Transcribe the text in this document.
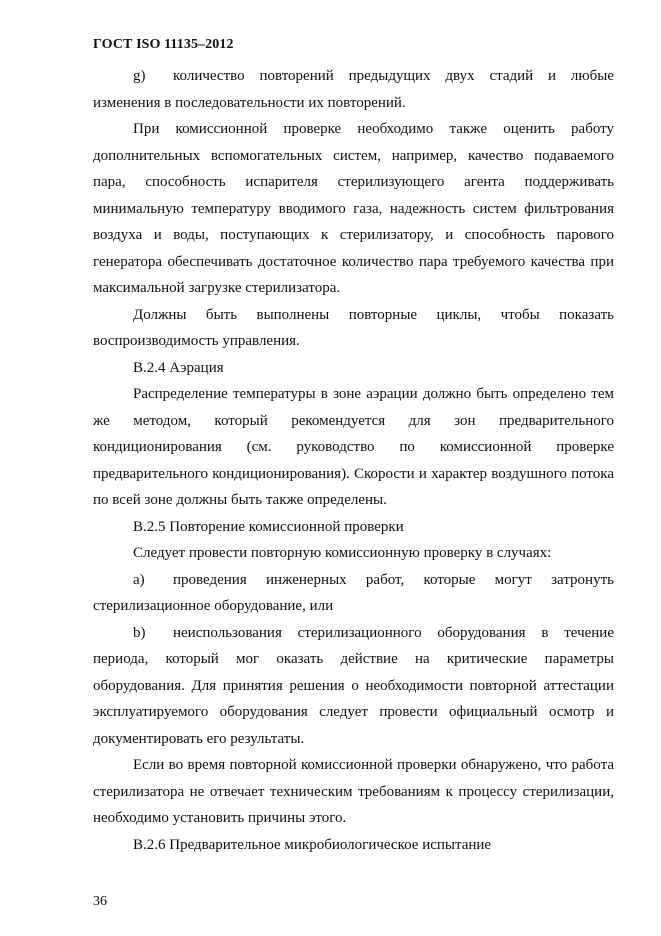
ГОСТ ISO 11135–2012

g) количество повторений предыдущих двух стадий и любые изменения в последовательности их повторений.

При комиссионной проверке необходимо также оценить работу дополнительных вспомогательных систем, например, качество подаваемого пара, способность испарителя стерилизующего агента поддерживать минимальную температуру вводимого газа, надежность систем фильтрования воздуха и воды, поступающих к стерилизатору, и способность парового генератора обеспечивать достаточное количество пара требуемого качества при максимальной загрузке стерилизатора.

Должны быть выполнены повторные циклы, чтобы показать воспроизводимость управления.

В.2.4 Аэрация

Распределение температуры в зоне аэрации должно быть определено тем же методом, который рекомендуется для зон предварительного кондиционирования (см. руководство по комиссионной проверке предварительного кондиционирования). Скорости и характер воздушного потока по всей зоне должны быть также определены.

В.2.5 Повторение комиссионной проверки

Следует провести повторную комиссионную проверку в случаях:

а) проведения инженерных работ, которые могут затронуть стерилизационное оборудование, или

b) неиспользования стерилизационного оборудования в течение периода, который мог оказать действие на критические параметры оборудования. Для принятия решения о необходимости повторной аттестации эксплуатируемого оборудования следует провести официальный осмотр и документировать его результаты.

Если во время повторной комиссионной проверки обнаружено, что работа стерилизатора не отвечает техническим требованиям к процессу стерилизации, необходимо установить причины этого.

В.2.6 Предварительное микробиологическое испытание

36
